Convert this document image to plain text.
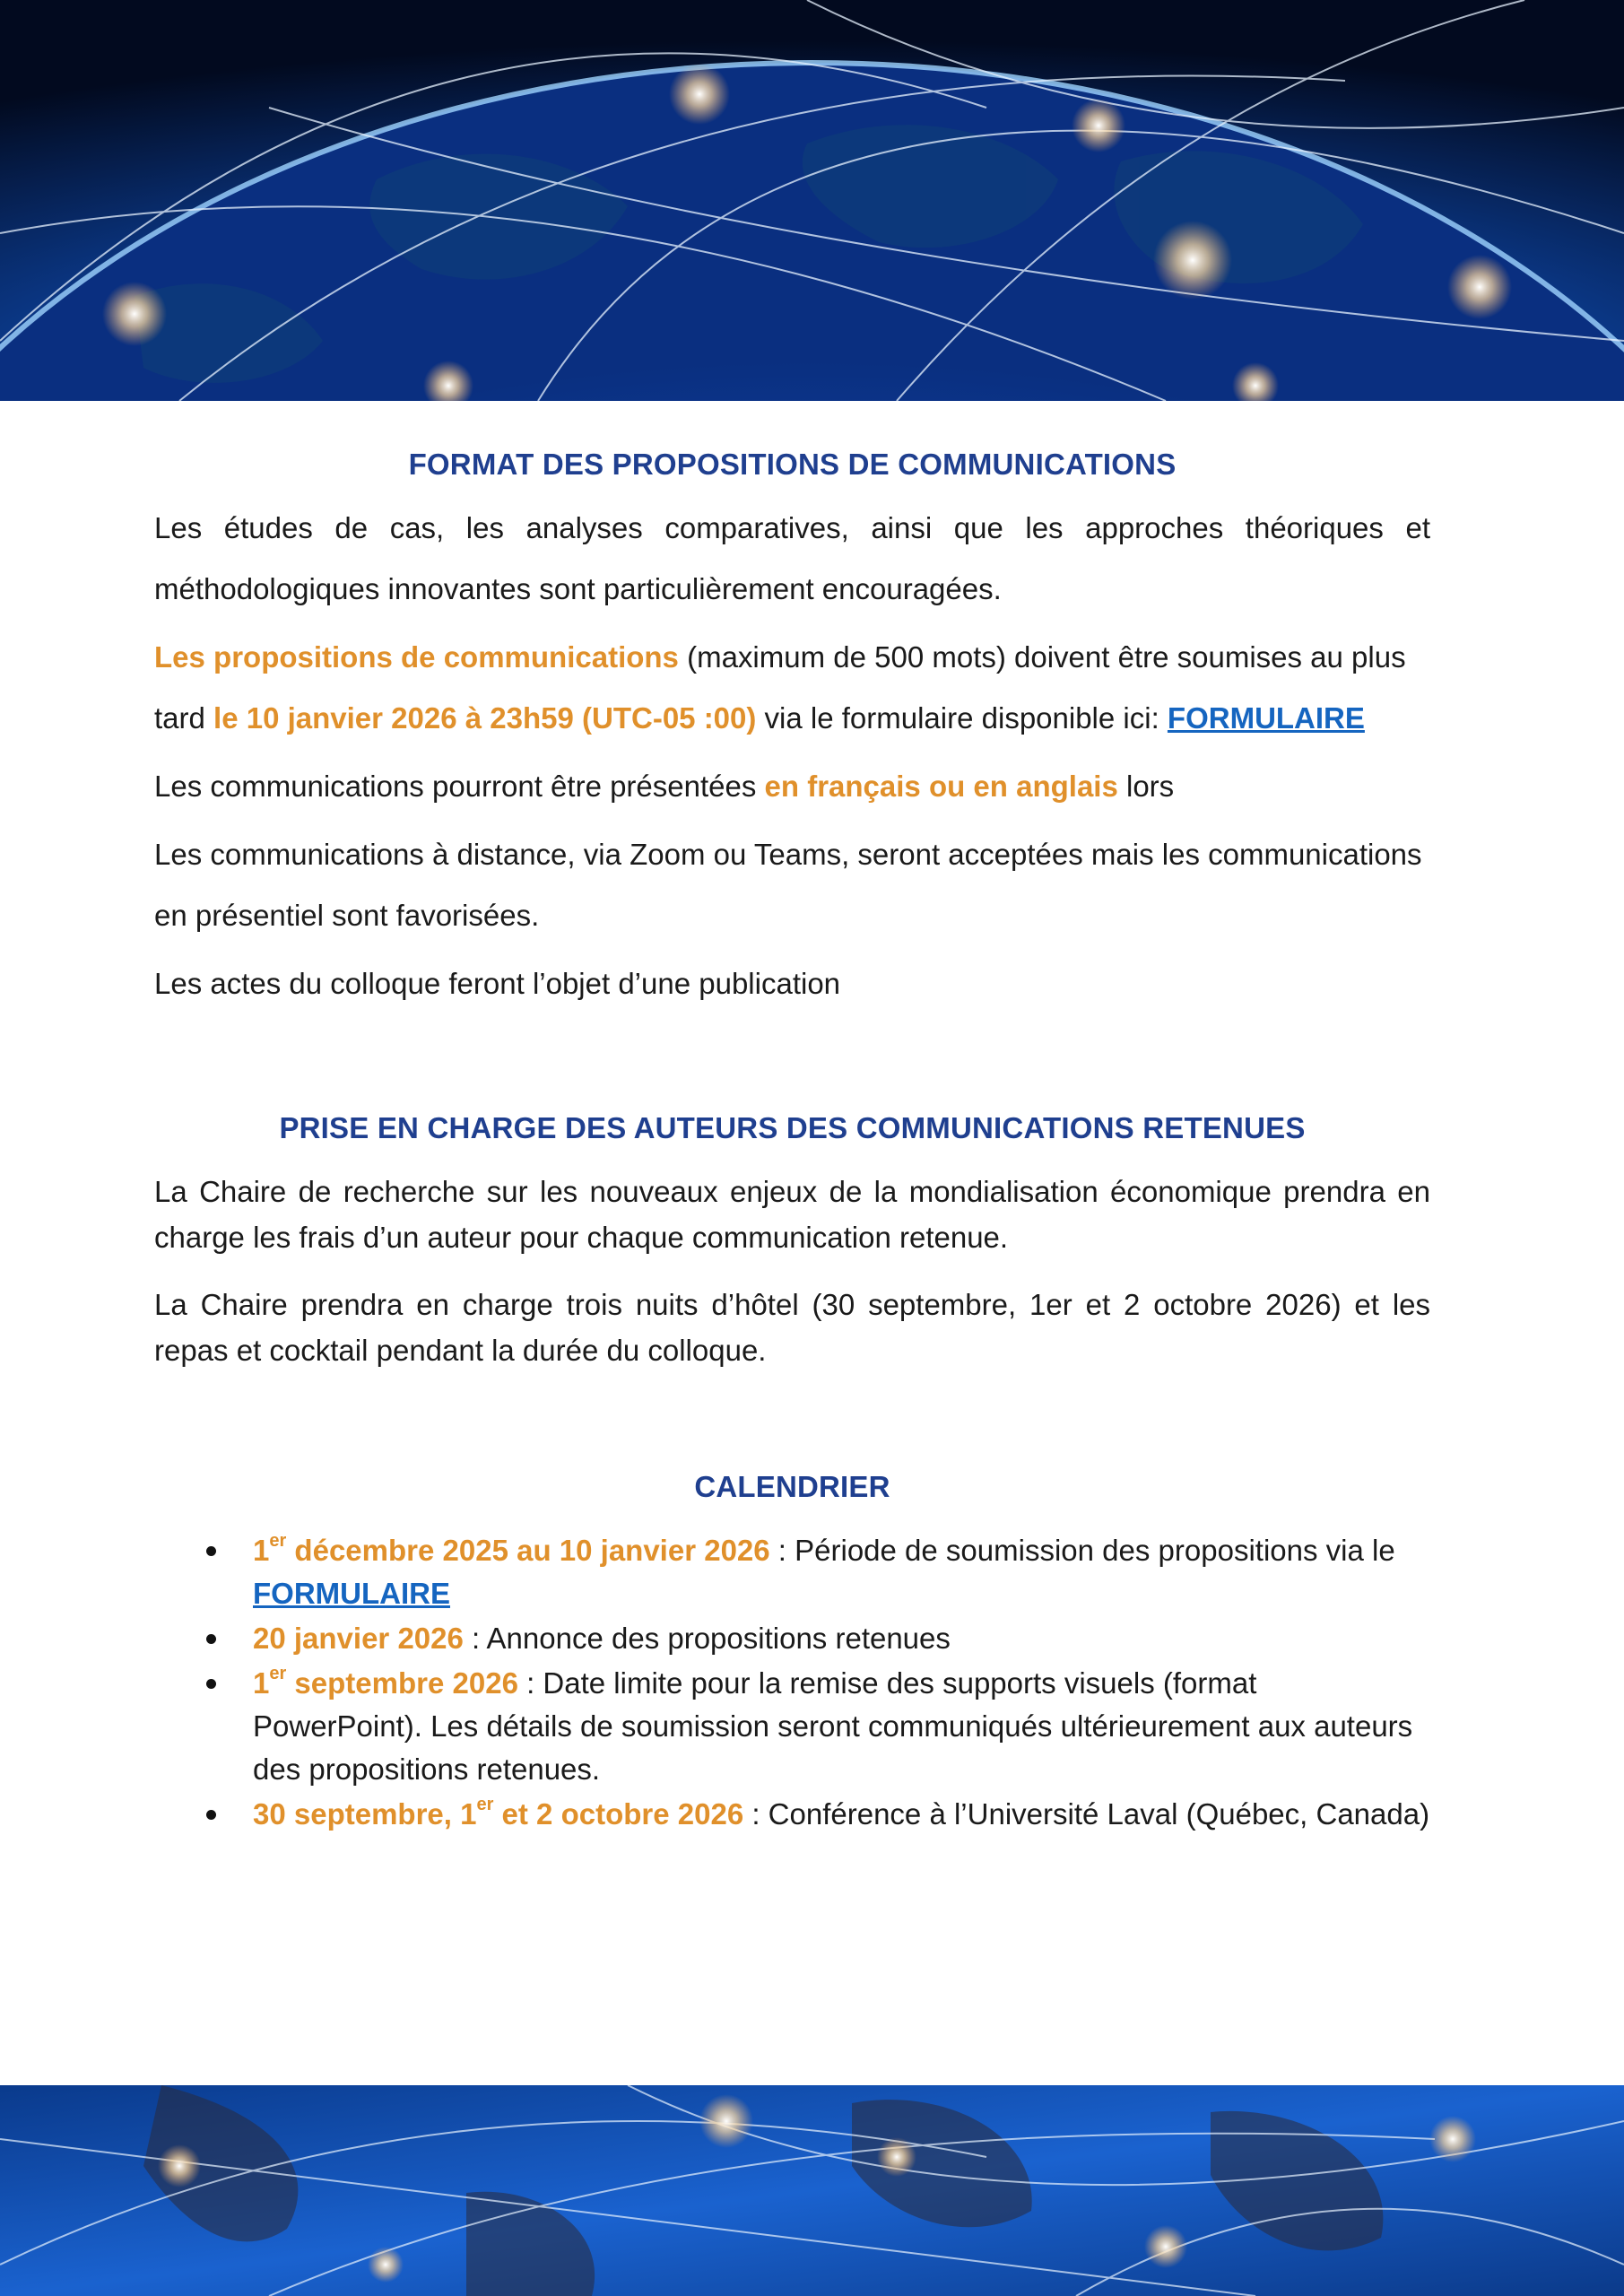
FORMAT DES PROPOSITIONS DE COMMUNICATIONS

Les études de cas, les analyses comparatives, ainsi que les approches théoriques et méthodologiques innovantes sont particulièrement encouragées.

Les propositions de communications (maximum de 500 mots) doivent être soumises au plus tard le 10 janvier 2026 à 23h59 (UTC-05 :00) via le formulaire disponible ici: FORMULAIRE

Les communications pourront être présentées en français ou en anglais lors

Les communications à distance, via Zoom ou Teams, seront acceptées mais les communications en présentiel sont favorisées.

Les actes du colloque feront l’objet d’une publication

PRISE EN CHARGE DES AUTEURS DES COMMUNICATIONS RETENUES

La Chaire de recherche sur les nouveaux enjeux de la mondialisation économique prendra en charge les frais d’un auteur pour chaque communication retenue.

La Chaire prendra en charge trois nuits d’hôtel (30 septembre, 1er et 2 octobre 2026) et les repas et cocktail pendant la durée du colloque.

CALENDRIER
1er décembre 2025 au 10 janvier 2026 : Période de soumission des propositions via le
FORMULAIRE
20 janvier 2026 : Annonce des propositions retenues
1er septembre 2026 : Date limite pour la remise des supports visuels (format PowerPoint). Les détails de soumission seront communiqués ultérieurement aux auteurs des propositions retenues.
30 septembre, 1er et 2 octobre 2026 : Conférence à l’Université Laval (Québec, Canada)
